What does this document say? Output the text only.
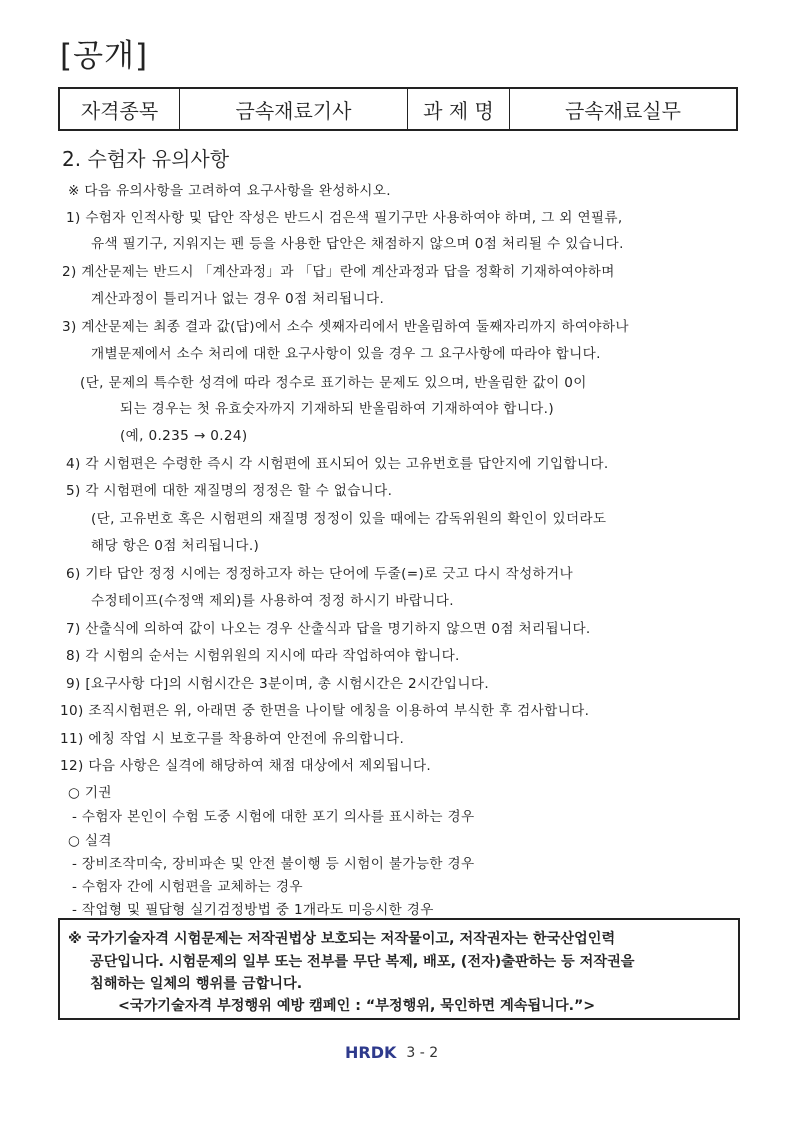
[공개]
자격종목	금속재료기사	과 제 명	금속재료실무
2. 수험자 유의사항
※ 다음 유의사항을 고려하여 요구사항을 완성하시오.
1) 수험자 인적사항 및 답안 작성은 반드시 검은색 필기구만 사용하여야 하며, 그 외 연필류,
유색 필기구, 지워지는 펜 등을 사용한 답안은 채점하지 않으며 0점 처리될 수 있습니다.
2) 계산문제는 반드시 「계산과정」과 「답」란에 계산과정과 답을 정확히 기재하여야하며
계산과정이 틀리거나 없는 경우 0점 처리됩니다.
3) 계산문제는 최종 결과 값(답)에서 소수 셋째자리에서 반올림하여 둘째자리까지 하여야하나
개별문제에서 소수 처리에 대한 요구사항이 있을 경우 그 요구사항에 따라야 합니다.
(단, 문제의 특수한 성격에 따라 정수로 표기하는 문제도 있으며, 반올림한 값이 0이
되는 경우는 첫 유효숫자까지 기재하되 반올림하여 기재하여야 합니다.)
(예, 0.235 → 0.24)
4) 각 시험편은 수령한 즉시 각 시험편에 표시되어 있는 고유번호를 답안지에 기입합니다.
5) 각 시험편에 대한 재질명의 정정은 할 수 없습니다.
(단, 고유번호 혹은 시험편의 재질명 정정이 있을 때에는 감독위원의 확인이 있더라도
해당 항은 0점 처리됩니다.)
6) 기타 답안 정정 시에는 정정하고자 하는 단어에 두줄(=)로 긋고 다시 작성하거나
수정테이프(수정액 제외)를 사용하여 정정 하시기 바랍니다.
7) 산출식에 의하여 값이 나오는 경우 산출식과 답을 명기하지 않으면 0점 처리됩니다.
8) 각 시험의 순서는 시험위원의 지시에 따라 작업하여야 합니다.
9) [요구사항 다]의 시험시간은 3분이며, 총 시험시간은 2시간입니다.
10) 조직시험편은 위, 아래면 중 한면을 나이탈 에칭을 이용하여 부식한 후 검사합니다.
11) 에칭 작업 시 보호구를 착용하여 안전에 유의합니다.
12) 다음 사항은 실격에 해당하여 채점 대상에서 제외됩니다.
○ 기권
- 수험자 본인이 수험 도중 시험에 대한 포기 의사를 표시하는 경우
○ 실격
- 장비조작미숙, 장비파손 및 안전 불이행 등 시험이 불가능한 경우
- 수험자 간에 시험편을 교체하는 경우
- 작업형 및 필답형 실기검정방법 중 1개라도 미응시한 경우
※ 국가기술자격 시험문제는 저작권법상 보호되는 저작물이고, 저작권자는 한국산업인력
공단입니다. 시험문제의 일부 또는 전부를 무단 복제, 배포, (전자)출판하는 등 저작권을
침해하는 일체의 행위를 금합니다.
<국가기술자격 부정행위 예방 캠페인 : “부정행위, 묵인하면 계속됩니다.”>
HRDK 3 - 2
